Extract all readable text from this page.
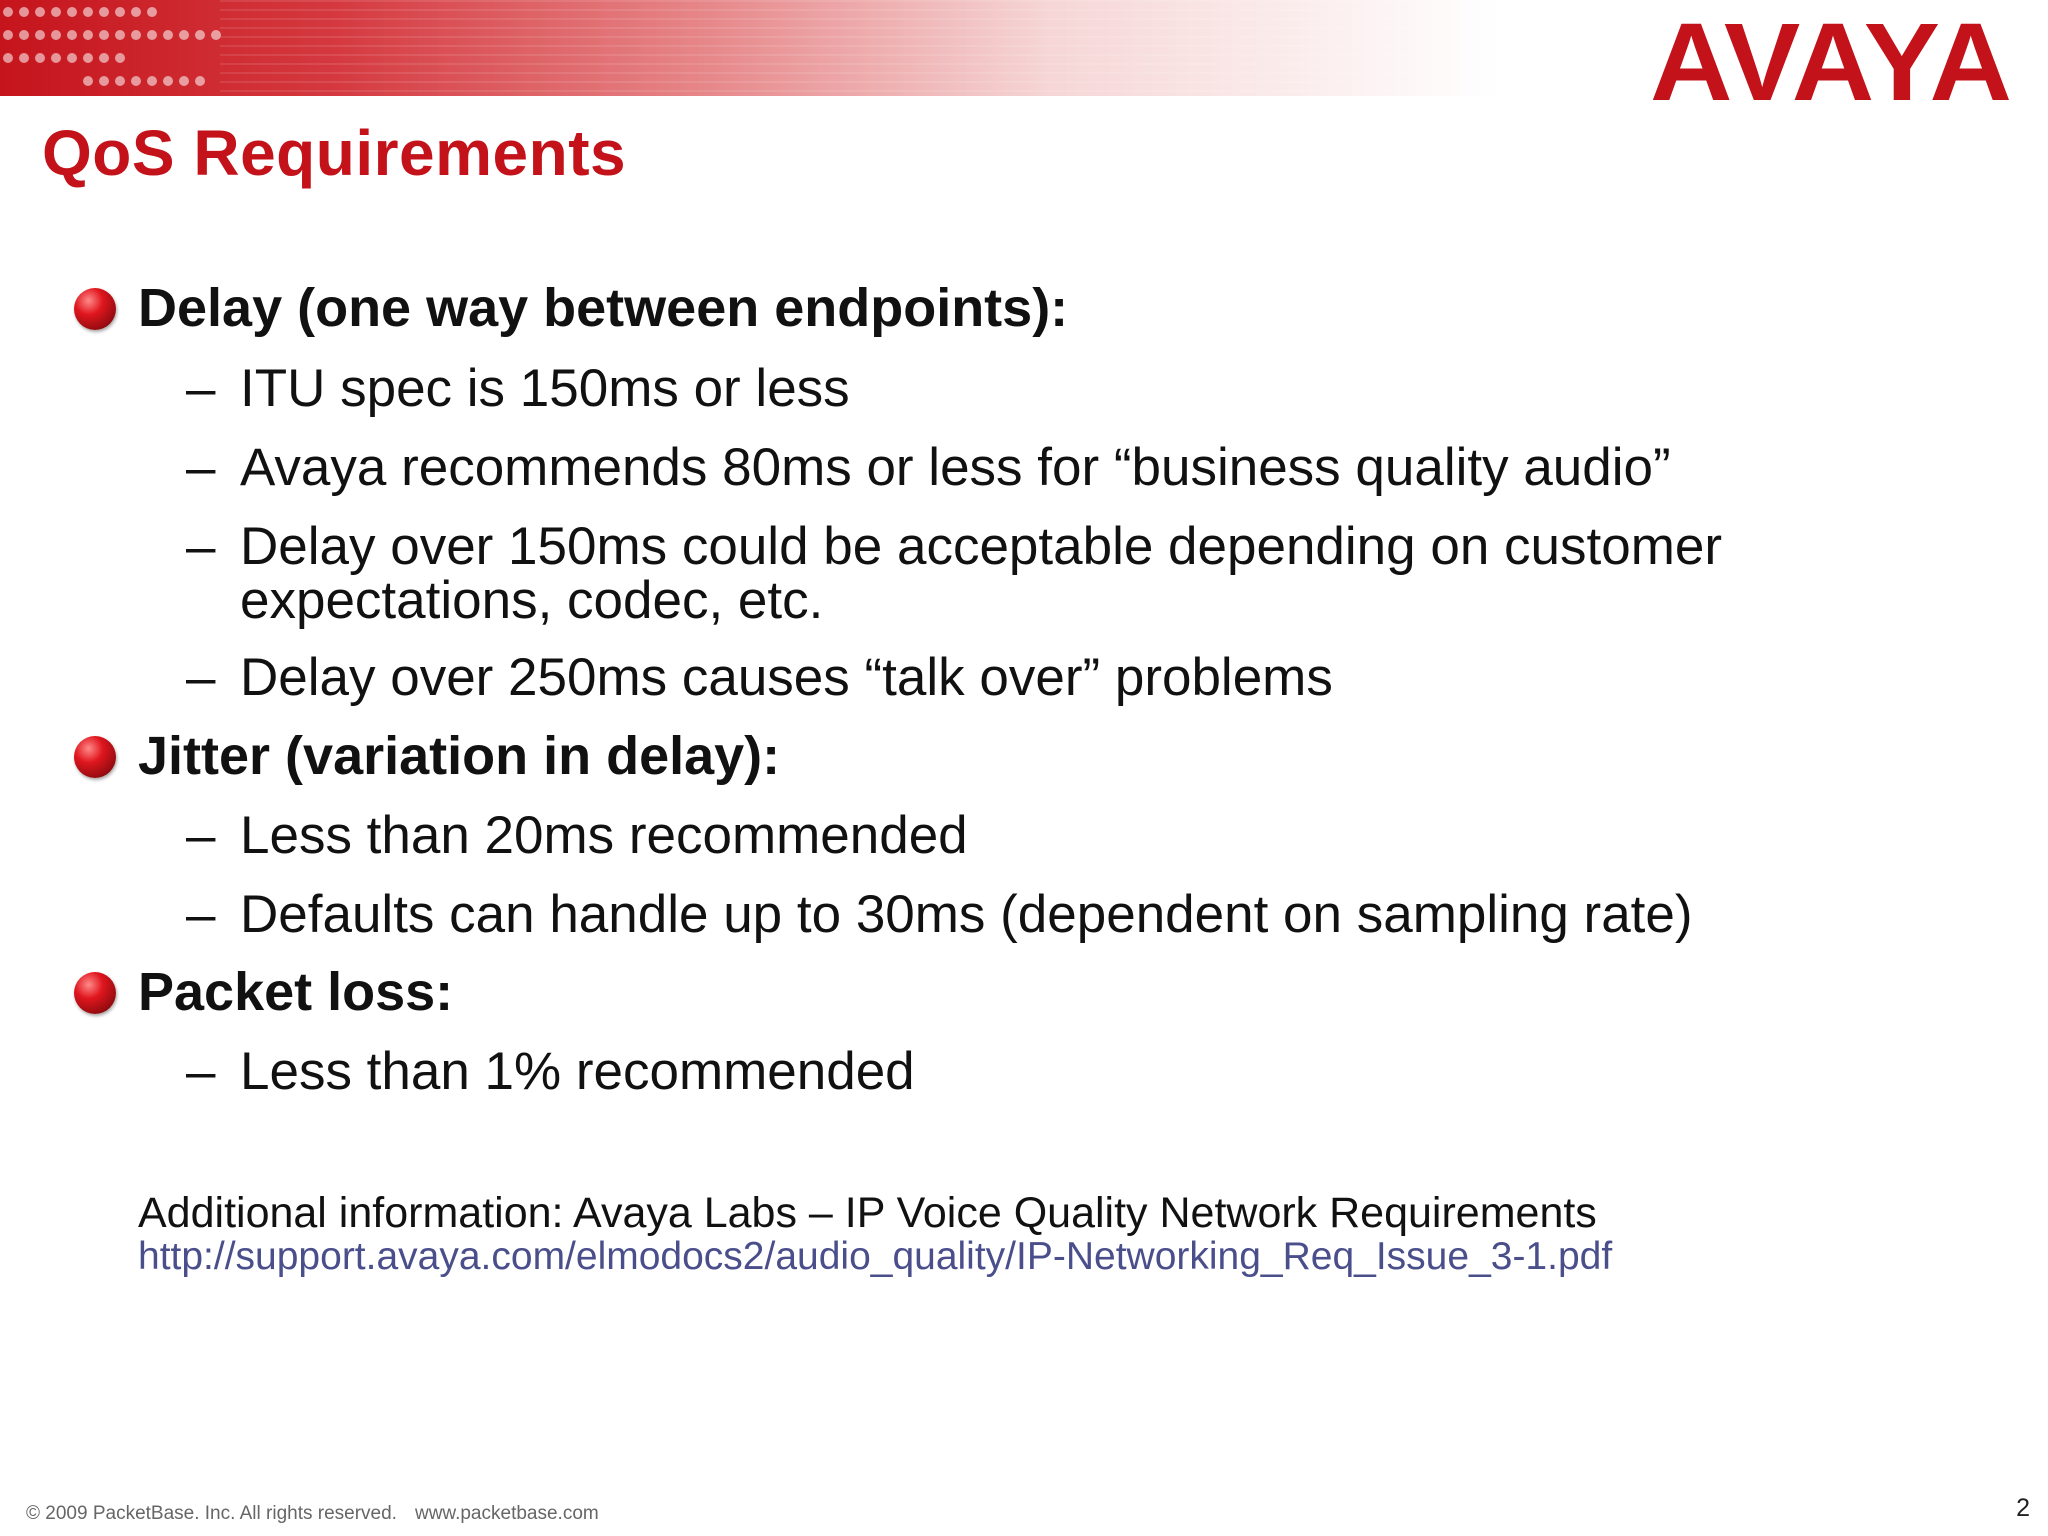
AVAYA
QoS Requirements
Delay (one way between endpoints):
– ITU spec is 150ms or less
– Avaya recommends 80ms or less for “business quality audio”
– Delay over 150ms could be acceptable depending on customer
expectations, codec, etc.
– Delay over 250ms causes “talk over” problems
Jitter (variation in delay):
– Less than 20ms recommended
– Defaults can handle up to 30ms (dependent on sampling rate)
Packet loss:
– Less than 1% recommended
Additional information: Avaya Labs – IP Voice Quality Network Requirements
http://support.avaya.com/elmodocs2/audio_quality/IP-Networking_Req_Issue_3-1.pdf
© 2009 PacketBase. Inc. All rights reserved. www.packetbase.com	2
